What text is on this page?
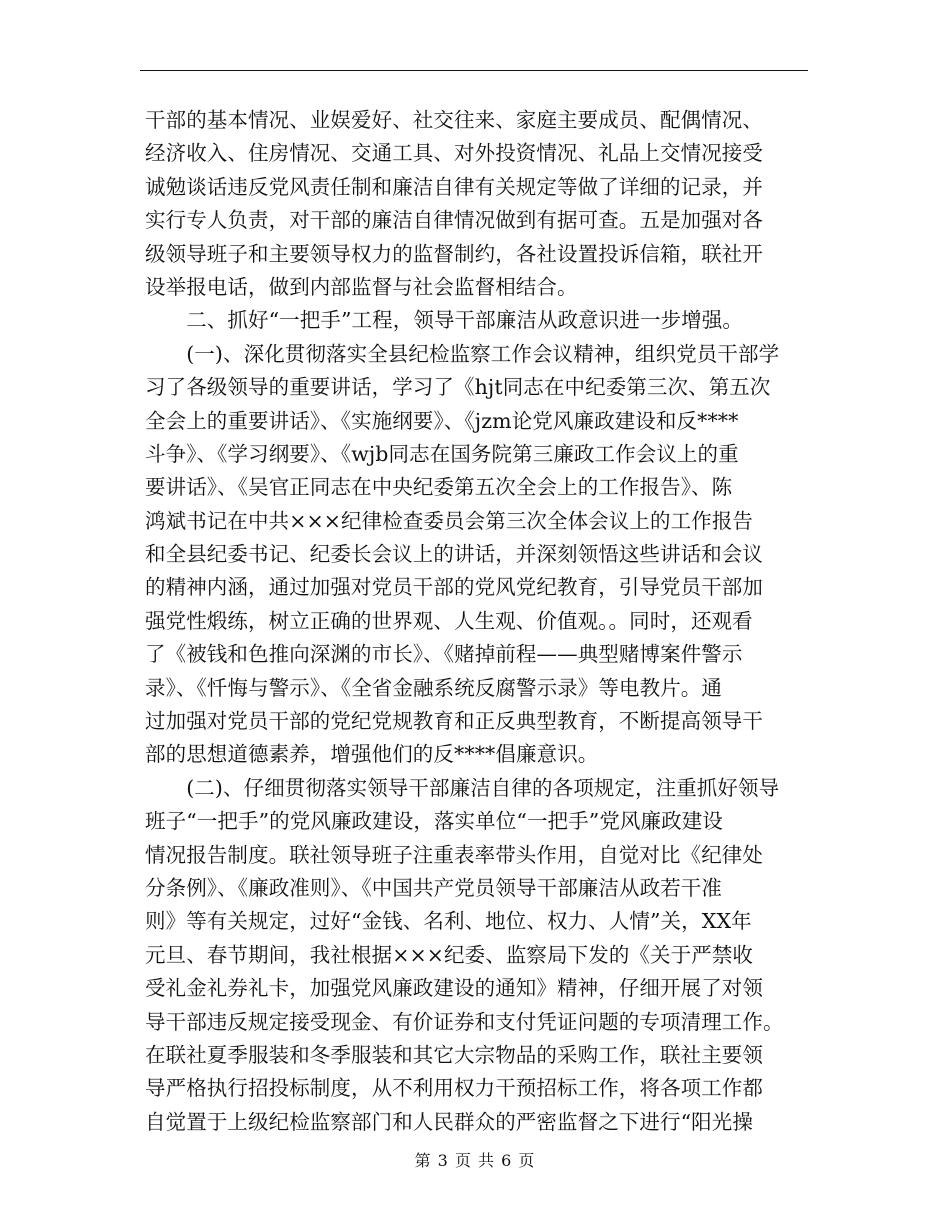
干部的基本情况、业娱爱好、社交往来、家庭主要成员、配偶情况、
经济收入、住房情况、交通工具、对外投资情况、礼品上交情况接受
诚勉谈话违反党风责任制和廉洁自律有关规定等做了详细的记录，并
实行专人负责，对干部的廉洁自律情况做到有据可查。五是加强对各
级领导班子和主要领导权力的监督制约，各社设置投诉信箱，联社开
设举报电话，做到内部监督与社会监督相结合。
　　二、抓好“一把手”工程，领导干部廉洁从政意识进一步增强。
　　(一)、深化贯彻落实全县纪检监察工作会议精神，组织党员干部学
习了各级领导的重要讲话，学习了《hjt同志在中纪委第三次、第五次
全会上的重要讲话》、《实施纲要》、《jzm论党风廉政建设和反****
斗争》、《学习纲要》、《wjb同志在国务院第三廉政工作会议上的重
要讲话》、《吴官正同志在中央纪委第五次全会上的工作报告》、陈
鸿斌书记在中共×××纪律检查委员会第三次全体会议上的工作报告
和全县纪委书记、纪委长会议上的讲话，并深刻领悟这些讲话和会议
的精神内涵，通过加强对党员干部的党风党纪教育，引导党员干部加
强党性煅练，树立正确的世界观、人生观、价值观。。同时，还观看
了《被钱和色推向深渊的市长》、《赌掉前程——典型赌博案件警示
录》、《忏悔与警示》、《全省金融系统反腐警示录》等电教片。通
过加强对党员干部的党纪党规教育和正反典型教育，不断提高领导干
部的思想道德素养，增强他们的反****倡廉意识。
　　(二)、仔细贯彻落实领导干部廉洁自律的各项规定，注重抓好领导
班子“一把手”的党风廉政建设，落实单位“一把手”党风廉政建设
情况报告制度。联社领导班子注重表率带头作用，自觉对比《纪律处
分条例》、《廉政准则》、《中国共产党员领导干部廉洁从政若干准
则》等有关规定，过好“金钱、名利、地位、权力、人情”关，XX年
元旦、春节期间，我社根据×××纪委、监察局下发的《关于严禁收
受礼金礼券礼卡，加强党风廉政建设的通知》精神，仔细开展了对领
导干部违反规定接受现金、有价证券和支付凭证问题的专项清理工作。
在联社夏季服装和冬季服装和其它大宗物品的采购工作，联社主要领
导严格执行招投标制度，从不利用权力干预招标工作，将各项工作都
自觉置于上级纪检监察部门和人民群众的严密监督之下进行“阳光操
第 3 页 共 6 页
